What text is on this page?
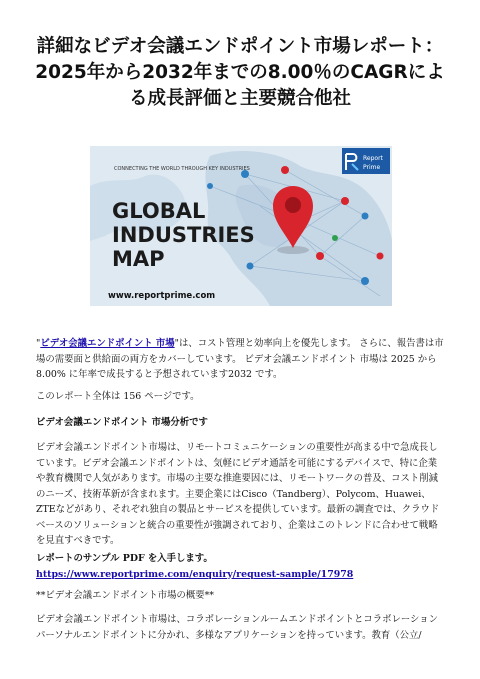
詳細なビデオ会議エンドポイント市場レポート：2025年から2032年までの8.00％のCAGRによる成長評価と主要競合他社
CONNECTING THE WORLD THROUGH KEY INDUSTRIES
GLOBAL
INDUSTRIES
MAP
www.reportprime.com
Report
Prime

"ビデオ会議エンドポイント 市場"は、コスト管理と効率向上を優先します。 さらに、報告書は市場の需要面と供給面の両方をカバーしています。 ビデオ会議エンドポイント 市場は 2025 から 8.00% に年率で成長すると予想されています2032 です。

このレポート全体は 156 ページです。

ビデオ会議エンドポイント 市場分析です

ビデオ会議エンドポイント市場は、リモートコミュニケーションの重要性が高まる中で急成長しています。ビデオ会議エンドポイントは、気軽にビデオ通話を可能にするデバイスで、特に企業や教育機関で人気があります。市場の主要な推進要因には、リモートワークの普及、コスト削減のニーズ、技術革新が含まれます。主要企業にはCisco（Tandberg）、Polycom、Huawei、ZTEなどがあり、それぞれ独自の製品とサービスを提供しています。最新の調査では、クラウドベースのソリューションと統合の重要性が強調されており、企業はこのトレンドに合わせて戦略を見直すべきです。

レポートのサンプル PDF を入手します。 https://www.reportprime.com/enquiry/request-sample/17978

**ビデオ会議エンドポイント市場の概要**

ビデオ会議エンドポイント市場は、コラボレーションルームエンドポイントとコラボレーションパーソナルエンドポイントに分かれ、多様なアプリケーションを持っています。教育（公立/
